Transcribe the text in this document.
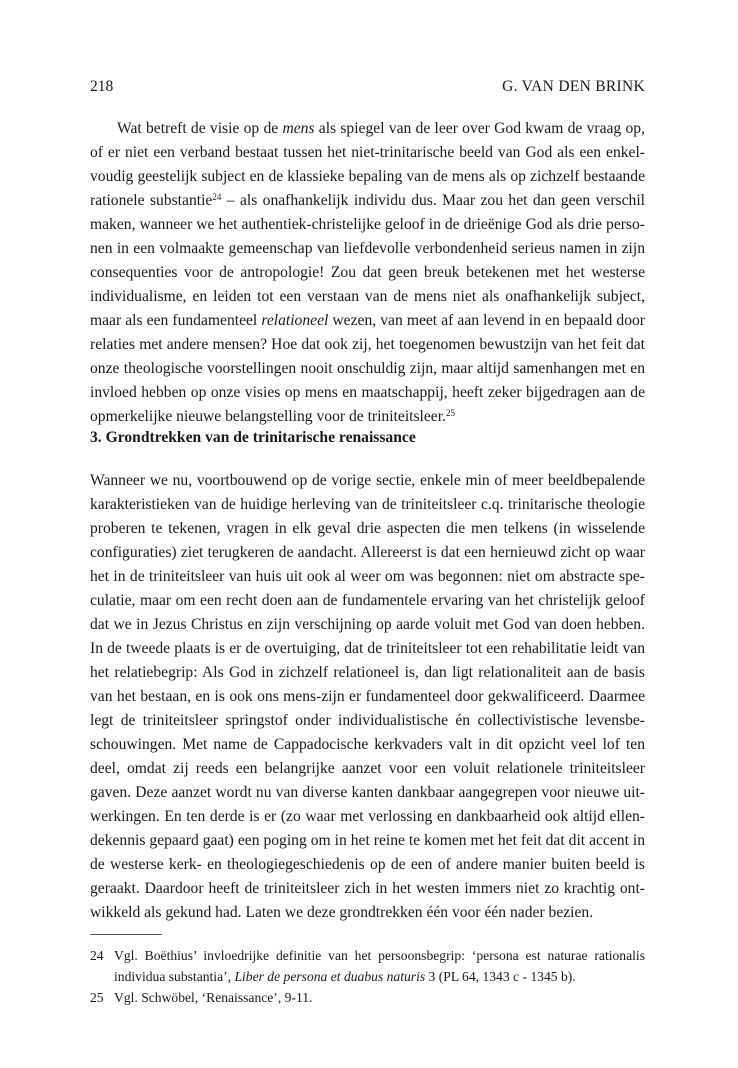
218	G. VAN DEN BRINK
Wat betreft de visie op de mens als spiegel van de leer over God kwam de vraag op,
of er niet een verband bestaat tussen het niet-trinitarische beeld van God als een enkel-
voudig geestelijk subject en de klassieke bepaling van de mens als op zichzelf bestaande
rationele substantie$^{24}$ – als onafhankelijk individu dus. Maar zou het dan geen verschil
maken, wanneer we het authentiek-christelijke geloof in de drieënige God als drie perso-
nen in een volmaakte gemeenschap van liefdevolle verbondenheid serieus namen in zijn
consequenties voor de antropologie! Zou dat geen breuk betekenen met het westerse
individualisme, en leiden tot een verstaan van de mens niet als onafhankelijk subject,
maar als een fundamenteel relationeel wezen, van meet af aan levend in en bepaald door
relaties met andere mensen? Hoe dat ook zij, het toegenomen bewustzijn van het feit dat
onze theologische voorstellingen nooit onschuldig zijn, maar altijd samenhangen met en
invloed hebben op onze visies op mens en maatschappij, heeft zeker bijgedragen aan de
opmerkelijke nieuwe belangstelling voor de triniteitsleer.$^{25}$
3. Grondtrekken van de trinitarische renaissance
Wanneer we nu, voortbouwend op de vorige sectie, enkele min of meer beeldbepalende
karakteristieken van de huidige herleving van de triniteitsleer c.q. trinitarische theologie
proberen te tekenen, vragen in elk geval drie aspecten die men telkens (in wisselende
configuraties) ziet terugkeren de aandacht. Allereerst is dat een hernieuwd zicht op waar
het in de triniteitsleer van huis uit ook al weer om was begonnen: niet om abstracte spe-
culatie, maar om een recht doen aan de fundamentele ervaring van het christelijk geloof
dat we in Jezus Christus en zijn verschijning op aarde voluit met God van doen hebben.
In de tweede plaats is er de overtuiging, dat de triniteitsleer tot een rehabilitatie leidt van
het relatiebegrip: Als God in zichzelf relationeel is, dan ligt relationaliteit aan de basis
van het bestaan, en is ook ons mens-zijn er fundamenteel door gekwalificeerd. Daarmee
legt de triniteitsleer springstof onder individualistische én collectivistische levensbe-
schouwingen. Met name de Cappadocische kerkvaders valt in dit opzicht veel lof ten
deel, omdat zij reeds een belangrijke aanzet voor een voluit relationele triniteitsleer
gaven. Deze aanzet wordt nu van diverse kanten dankbaar aangegrepen voor nieuwe uit-
werkingen. En ten derde is er (zo waar met verlossing en dankbaarheid ook altijd ellen-
dekennis gepaard gaat) een poging om in het reine te komen met het feit dat dit accent in
de westerse kerk- en theologiegeschiedenis op de een of andere manier buiten beeld is
geraakt. Daardoor heeft de triniteitsleer zich in het westen immers niet zo krachtig ont-
wikkeld als gekund had. Laten we deze grondtrekken één voor één nader bezien.
24 Vgl. Boëthius’ invloedrijke definitie van het persoonsbegrip: ‘persona est naturae rationalis
individua substantia’, Liber de persona et duabus naturis 3 (PL 64, 1343 c - 1345 b).
25 Vgl. Schwöbel, ‘Renaissance’, 9-11.
